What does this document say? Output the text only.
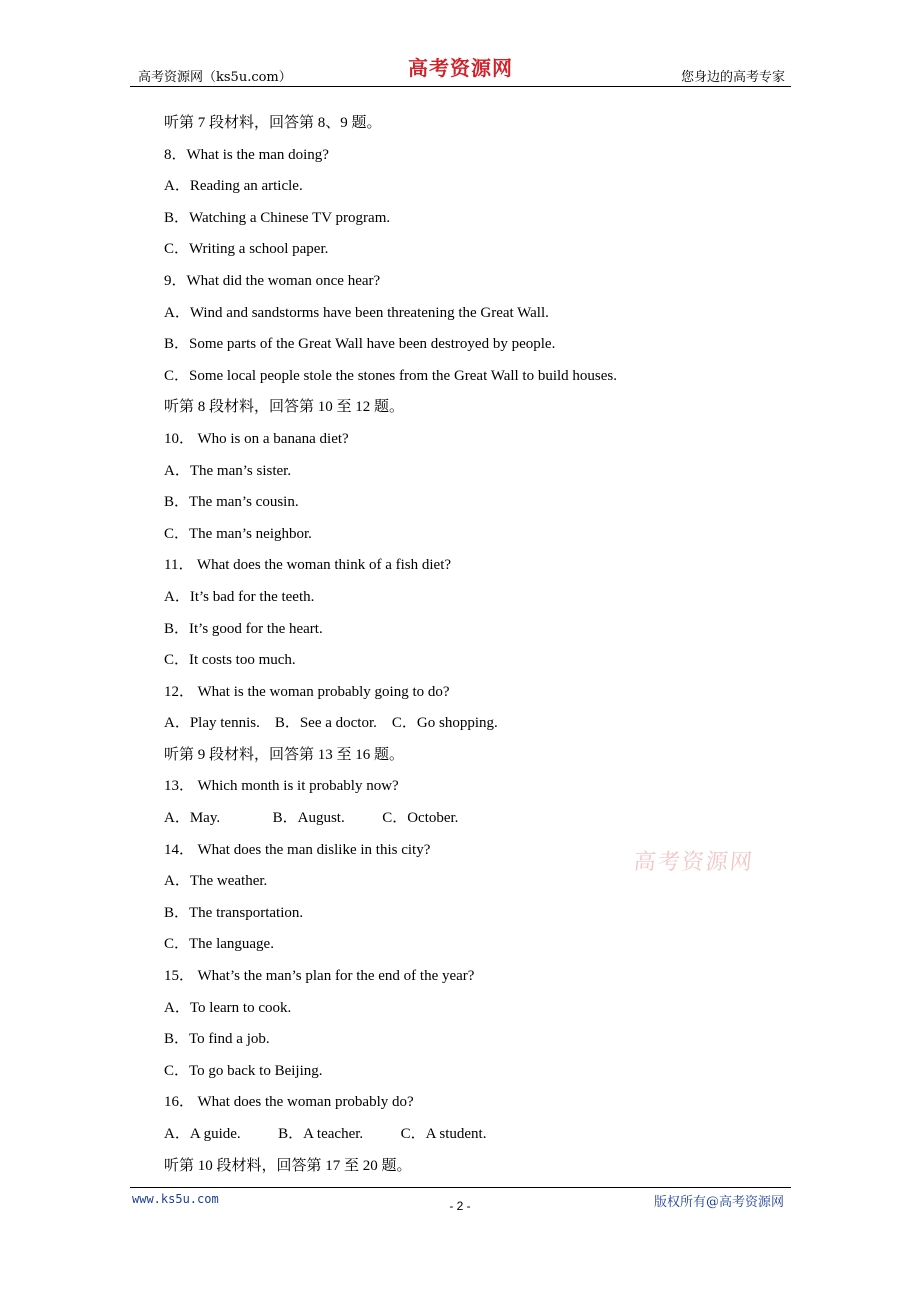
高考资源网（ks5u.com）	高考资源网	您身边的高考专家
听第 7 段材料，回答第 8、9 题。
8．What is the man doing?
A．Reading an article.
B．Watching a Chinese TV program.
C．Writing a school paper.
9．What did the woman once hear?
A．Wind and sandstorms have been threatening the Great Wall.
B．Some parts of the Great Wall have been destroyed by people.
C．Some local people stole the stones from the Great Wall to build houses.
听第 8 段材料，回答第 10 至 12 题。
10． Who is on a banana diet?
A．The man’s sister.
B．The man’s cousin.
C．The man’s neighbor.
11． What does the woman think of a fish diet?
A．It’s bad for the teeth.
B．It’s good for the heart.
C．It costs too much.
12． What is the woman probably going to do?
A．Play tennis.    B．See a doctor.    C．Go shopping.
听第 9 段材料，回答第 13 至 16 题。
13． Which month is it probably now?
A．May.              B．August.          C．October.
14． What does the man dislike in this city?
A．The weather.
B．The transportation.
C．The language.
15． What’s the man’s plan for the end of the year?
A．To learn to cook.
B．To find a job.
C．To go back to Beijing.
16． What does the woman probably do?
A．A guide.          B．A teacher.          C．A student.
听第 10 段材料，回答第 17 至 20 题。
高考资源网
www.ks5u.com	- 2 -	版权所有@高考资源网
